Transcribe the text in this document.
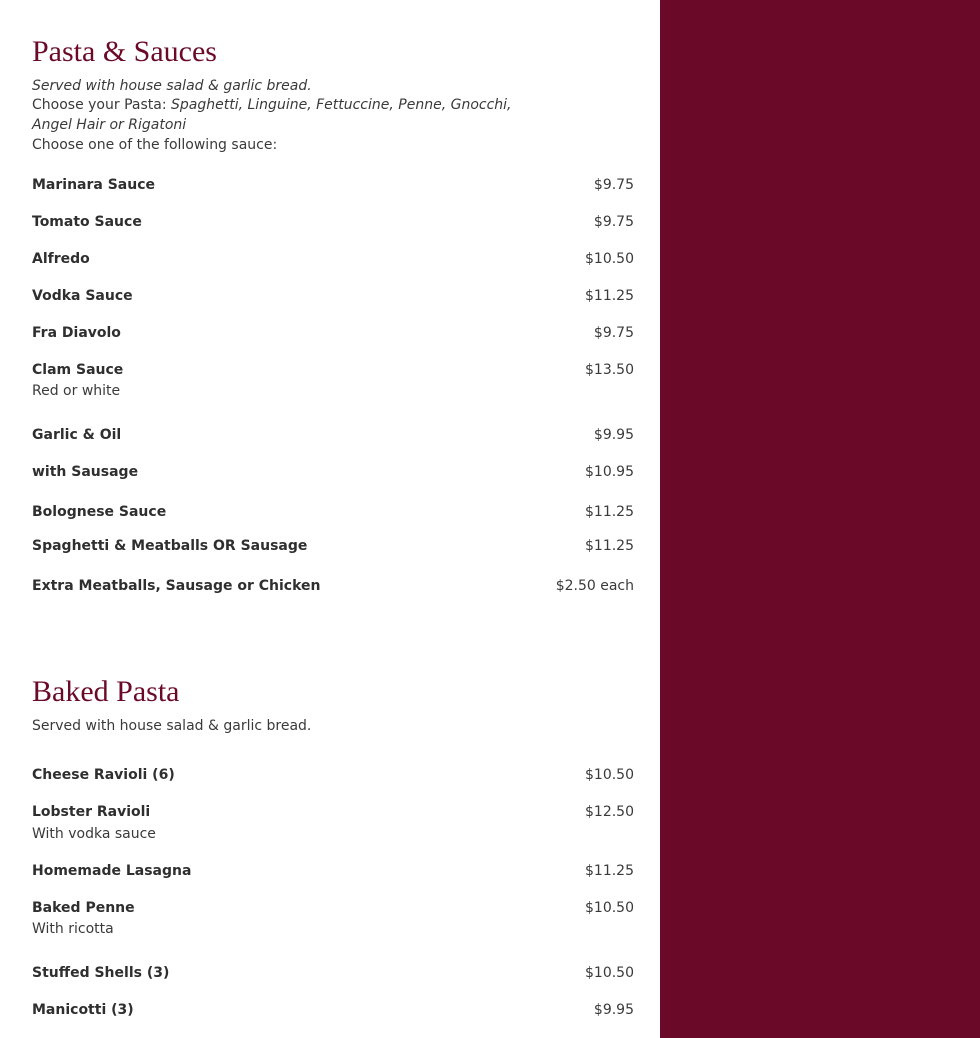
Pasta & Sauces
Served with house salad & garlic bread.
Choose your Pasta: Spaghetti, Linguine, Fettuccine, Penne, Gnocchi,
Angel Hair or Rigatoni
Choose one of the following sauce:
Marinara Sauce	$9.75
Tomato Sauce	$9.75
Alfredo	$10.50
Vodka Sauce	$11.25
Fra Diavolo	$9.75
Clam Sauce	$13.50
Red or white
Garlic & Oil	$9.95
with Sausage	$10.95
Bolognese Sauce	$11.25
Spaghetti & Meatballs OR Sausage	$11.25
Extra Meatballs, Sausage or Chicken	$2.50 each
Baked Pasta
Served with house salad & garlic bread.
Cheese Ravioli (6)	$10.50
Lobster Ravioli	$12.50
With vodka sauce
Homemade Lasagna	$11.25
Baked Penne	$10.50
With ricotta
Stuffed Shells (3)	$10.50
Manicotti (3)	$9.95
